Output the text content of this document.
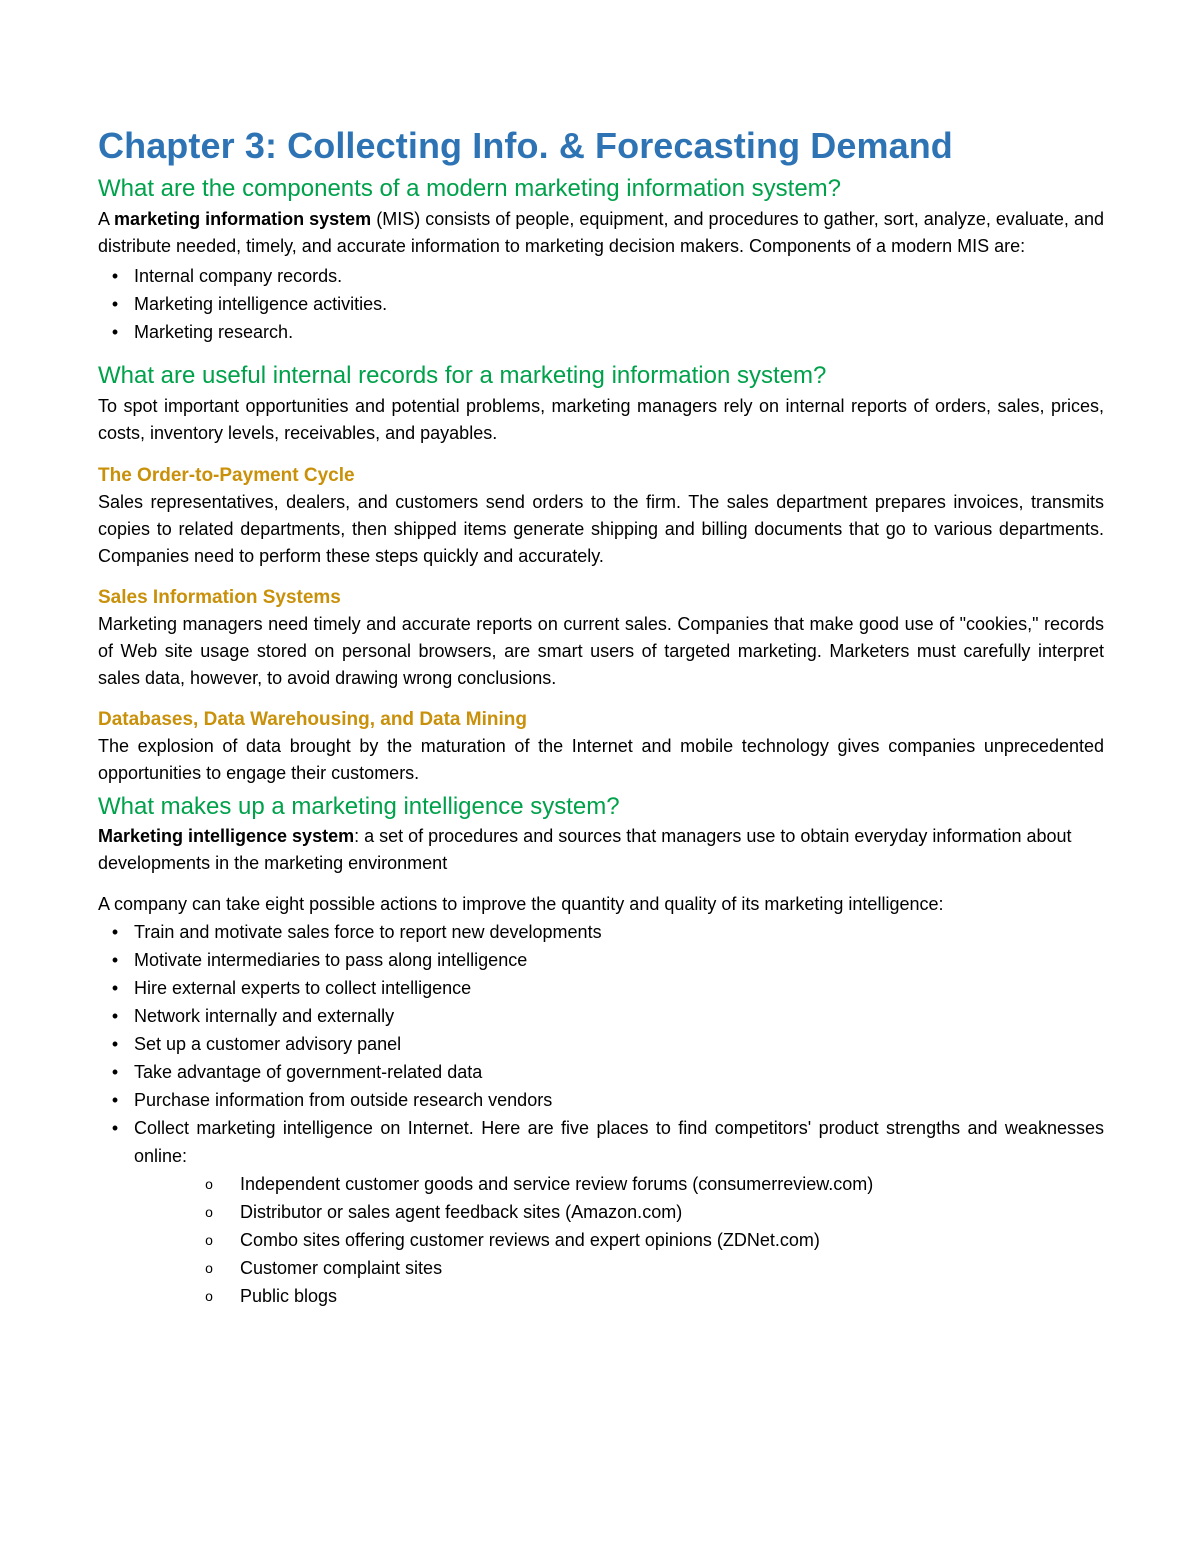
Chapter 3: Collecting Info. & Forecasting Demand
What are the components of a modern marketing information system?

A marketing information system (MIS) consists of people, equipment, and procedures to gather, sort, analyze, evaluate, and distribute needed, timely, and accurate information to marketing decision makers. Components of a modern MIS are:

• Internal company records.
• Marketing intelligence activities.
• Marketing research.
What are useful internal records for a marketing information system?

To spot important opportunities and potential problems, marketing managers rely on internal reports of orders, sales, prices, costs, inventory levels, receivables, and payables.

The Order-to-Payment Cycle

Sales representatives, dealers, and customers send orders to the firm. The sales department prepares invoices, transmits copies to related departments, then shipped items generate shipping and billing documents that go to various departments. Companies need to perform these steps quickly and accurately.

Sales Information Systems

Marketing managers need timely and accurate reports on current sales. Companies that make good use of "cookies," records of Web site usage stored on personal browsers, are smart users of targeted marketing. Marketers must carefully interpret sales data, however, to avoid drawing wrong conclusions.

Databases, Data Warehousing, and Data Mining

The explosion of data brought by the maturation of the Internet and mobile technology gives companies unprecedented opportunities to engage their customers.

What makes up a marketing intelligence system?

Marketing intelligence system: a set of procedures and sources that managers use to obtain everyday information about developments in the marketing environment

A company can take eight possible actions to improve the quantity and quality of its marketing intelligence:

• Train and motivate sales force to report new developments
• Motivate intermediaries to pass along intelligence
• Hire external experts to collect intelligence
• Network internally and externally
• Set up a customer advisory panel
• Take advantage of government-related data
• Purchase information from outside research vendors
• Collect marketing intelligence on Internet. Here are five places to find competitors' product strengths and weaknesses online:
o Independent customer goods and service review forums (consumerreview.com)
o Distributor or sales agent feedback sites (Amazon.com)
o Combo sites offering customer reviews and expert opinions (ZDNet.com)
o Customer complaint sites
o Public blogs
